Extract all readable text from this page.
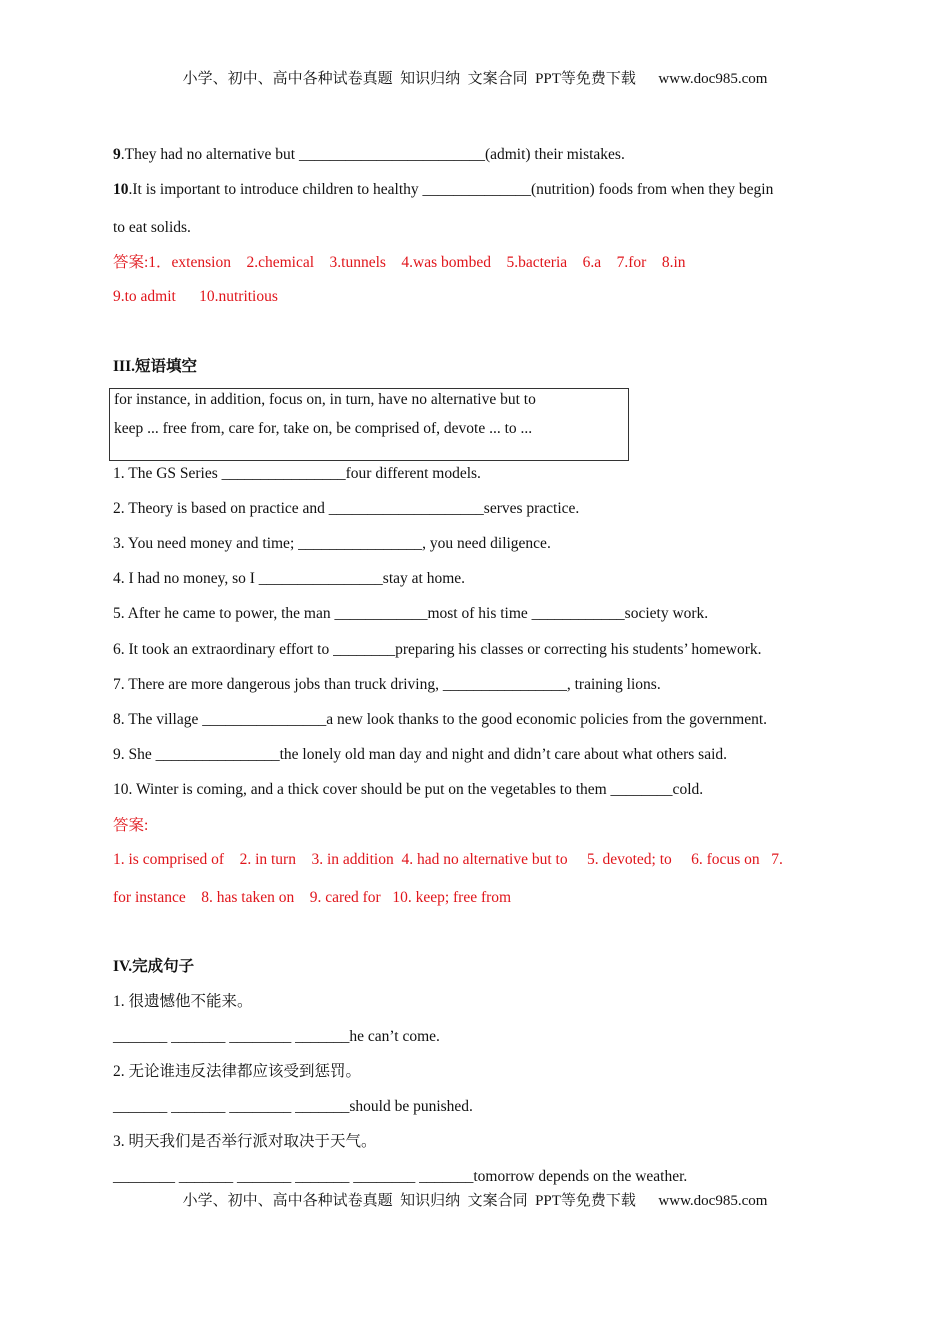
小学、初中、高中各种试卷真题  知识归纳  文案合同  PPT等免费下载      www.doc985.com
9.They had no alternative but ________________________(admit) their mistakes.
10.It is important to introduce children to healthy ______________(nutrition) foods from when they begin
to eat solids.
答案:1．extension    2.chemical    3.tunnels    4.was bombed    5.bacteria    6.a    7.for    8.in
9.to admit      10.nutritious
III.短语填空
for instance, in addition, focus on, in turn, have no alternative but to
keep ... free from, care for, take on, be comprised of, devote ... to ...
1. The GS Series ________________four different models.
2. Theory is based on practice and ____________________serves practice.
3. You need money and time; ________________, you need diligence.
4. I had no money, so I ________________stay at home.
5. After he came to power, the man ____________most of his time ____________society work.
6. It took an extraordinary effort to ________preparing his classes or correcting his students’ homework.
7. There are more dangerous jobs than truck driving, ________________, training lions.
8. The village ________________a new look thanks to the good economic policies from the government.
9. She ________________the lonely old man day and night and didn’t care about what others said.
10. Winter is coming, and a thick cover should be put on the vegetables to them ________cold.
答案:
1. is comprised of    2. in turn    3. in addition  4. had no alternative but to     5. devoted; to     6. focus on   7.
for instance    8. has taken on    9. cared for   10. keep; free from
IV.完成句子
1. 很遗憾他不能来。
_______ _______ ________ _______he can’t come.
2. 无论谁违反法律都应该受到惩罚。
_______ _______ ________ _______should be punished.
3. 明天我们是否举行派对取决于天气。
________ _______ _______ _______ ________ _______tomorrow depends on the weather.
小学、初中、高中各种试卷真题  知识归纳  文案合同  PPT等免费下载      www.doc985.com
